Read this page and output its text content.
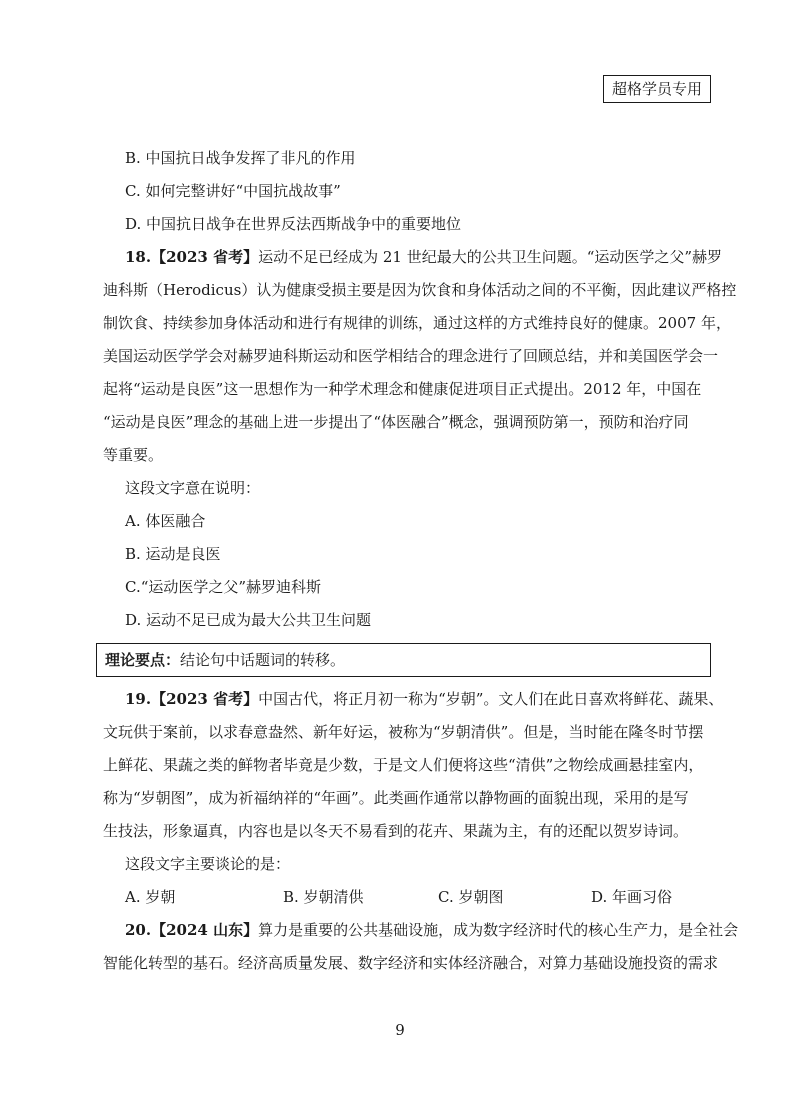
超格学员专用
B. 中国抗日战争发挥了非凡的作用
C. 如何完整讲好“中国抗战故事”
D. 中国抗日战争在世界反法西斯战争中的重要地位
18.【2023 省考】运动不足已经成为 21 世纪最大的公共卫生问题。“运动医学之父”赫罗
迪科斯（Herodicus）认为健康受损主要是因为饮食和身体活动之间的不平衡，因此建议严格控
制饮食、持续参加身体活动和进行有规律的训练，通过这样的方式维持良好的健康。2007 年，
美国运动医学学会对赫罗迪科斯运动和医学相结合的理念进行了回顾总结，并和美国医学会一
起将“运动是良医”这一思想作为一种学术理念和健康促进项目正式提出。2012 年，中国在
“运动是良医”理念的基础上进一步提出了“体医融合”概念，强调预防第一，预防和治疗同
等重要。
这段文字意在说明：
A. 体医融合
B. 运动是良医
C.“运动医学之父”赫罗迪科斯
D. 运动不足已成为最大公共卫生问题
理论要点：结论句中话题词的转移。
19.【2023 省考】中国古代，将正月初一称为“岁朝”。文人们在此日喜欢将鲜花、蔬果、
文玩供于案前，以求春意盎然、新年好运，被称为“岁朝清供”。但是，当时能在隆冬时节摆
上鲜花、果蔬之类的鲜物者毕竟是少数，于是文人们便将这些“清供”之物绘成画悬挂室内，
称为“岁朝图”，成为祈福纳祥的“年画”。此类画作通常以静物画的面貌出现，采用的是写
生技法，形象逼真，内容也是以冬天不易看到的花卉、果蔬为主，有的还配以贺岁诗词。
这段文字主要谈论的是：
A. 岁朝	B. 岁朝清供	C. 岁朝图	D. 年画习俗
20.【2024 山东】算力是重要的公共基础设施，成为数字经济时代的核心生产力，是全社会
智能化转型的基石。经济高质量发展、数字经济和实体经济融合，对算力基础设施投资的需求
9
